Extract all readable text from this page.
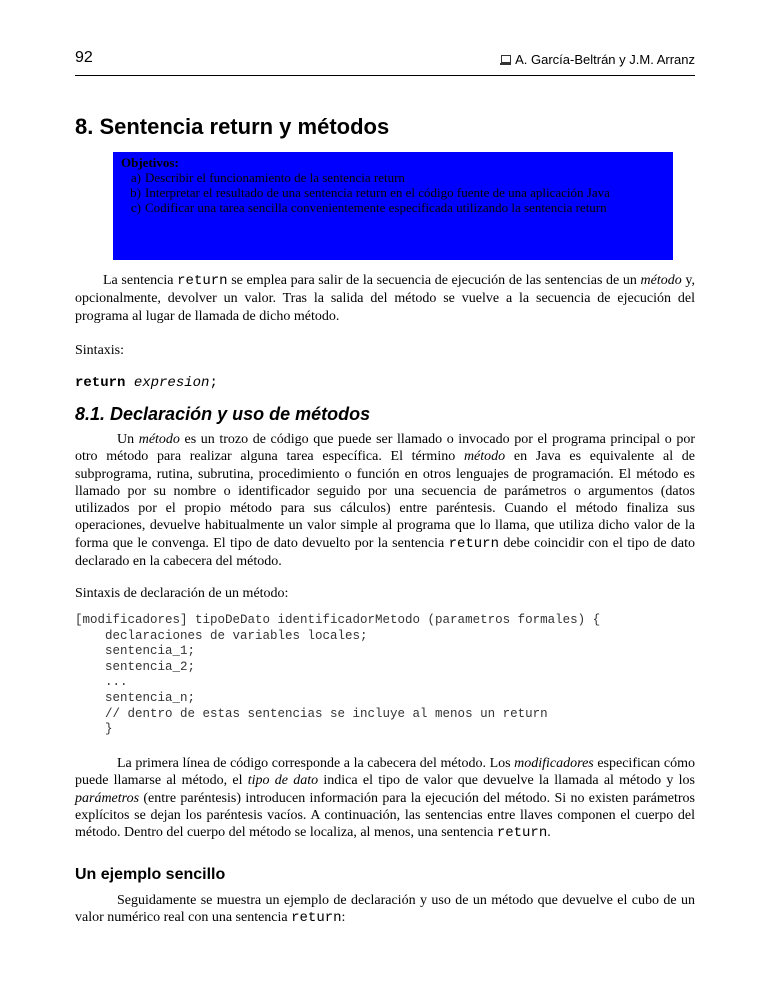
92	A. García-Beltrán y J.M. Arranz
8. Sentencia return y métodos
Objetivos:
a) Describir el funcionamiento de la sentencia return
b) Interpretar el resultado de una sentencia return en el código fuente de una aplicación Java
c) Codificar una tarea sencilla convenientemente especificada utilizando la sentencia return

La sentencia return se emplea para salir de la secuencia de ejecución de las sentencias de un método y, opcionalmente, devolver un valor. Tras la salida del método se vuelve a la secuencia de ejecución del programa al lugar de llamada de dicho método.

Sintaxis:

return expresion;
8.1. Declaración y uso de métodos

Un método es un trozo de código que puede ser llamado o invocado por el programa principal o por otro método para realizar alguna tarea específica. El término método en Java es equivalente al de subprograma, rutina, subrutina, procedimiento o función en otros lenguajes de programación. El método es llamado por su nombre o identificador seguido por una secuencia de parámetros o argumentos (datos utilizados por el propio método para sus cálculos) entre paréntesis. Cuando el método finaliza sus operaciones, devuelve habitualmente un valor simple al programa que lo llama, que utiliza dicho valor de la forma que le convenga. El tipo de dato devuelto por la sentencia return debe coincidir con el tipo de dato declarado en la cabecera del método.

Sintaxis de declaración de un método:

[modificadores] tipoDeDato identificadorMetodo (parametros formales) {
declaraciones de variables locales;
sentencia_1;
sentencia_2;
...
sentencia_n;
// dentro de estas sentencias se incluye al menos un return
}

La primera línea de código corresponde a la cabecera del método. Los modificadores especifican cómo puede llamarse al método, el tipo de dato indica el tipo de valor que devuelve la llamada al método y los parámetros (entre paréntesis) introducen información para la ejecución del método. Si no existen parámetros explícitos se dejan los paréntesis vacíos. A continuación, las sentencias entre llaves componen el cuerpo del método. Dentro del cuerpo del método se localiza, al menos, una sentencia return.

Un ejemplo sencillo

Seguidamente se muestra un ejemplo de declaración y uso de un método que devuelve el cubo de un valor numérico real con una sentencia return:
